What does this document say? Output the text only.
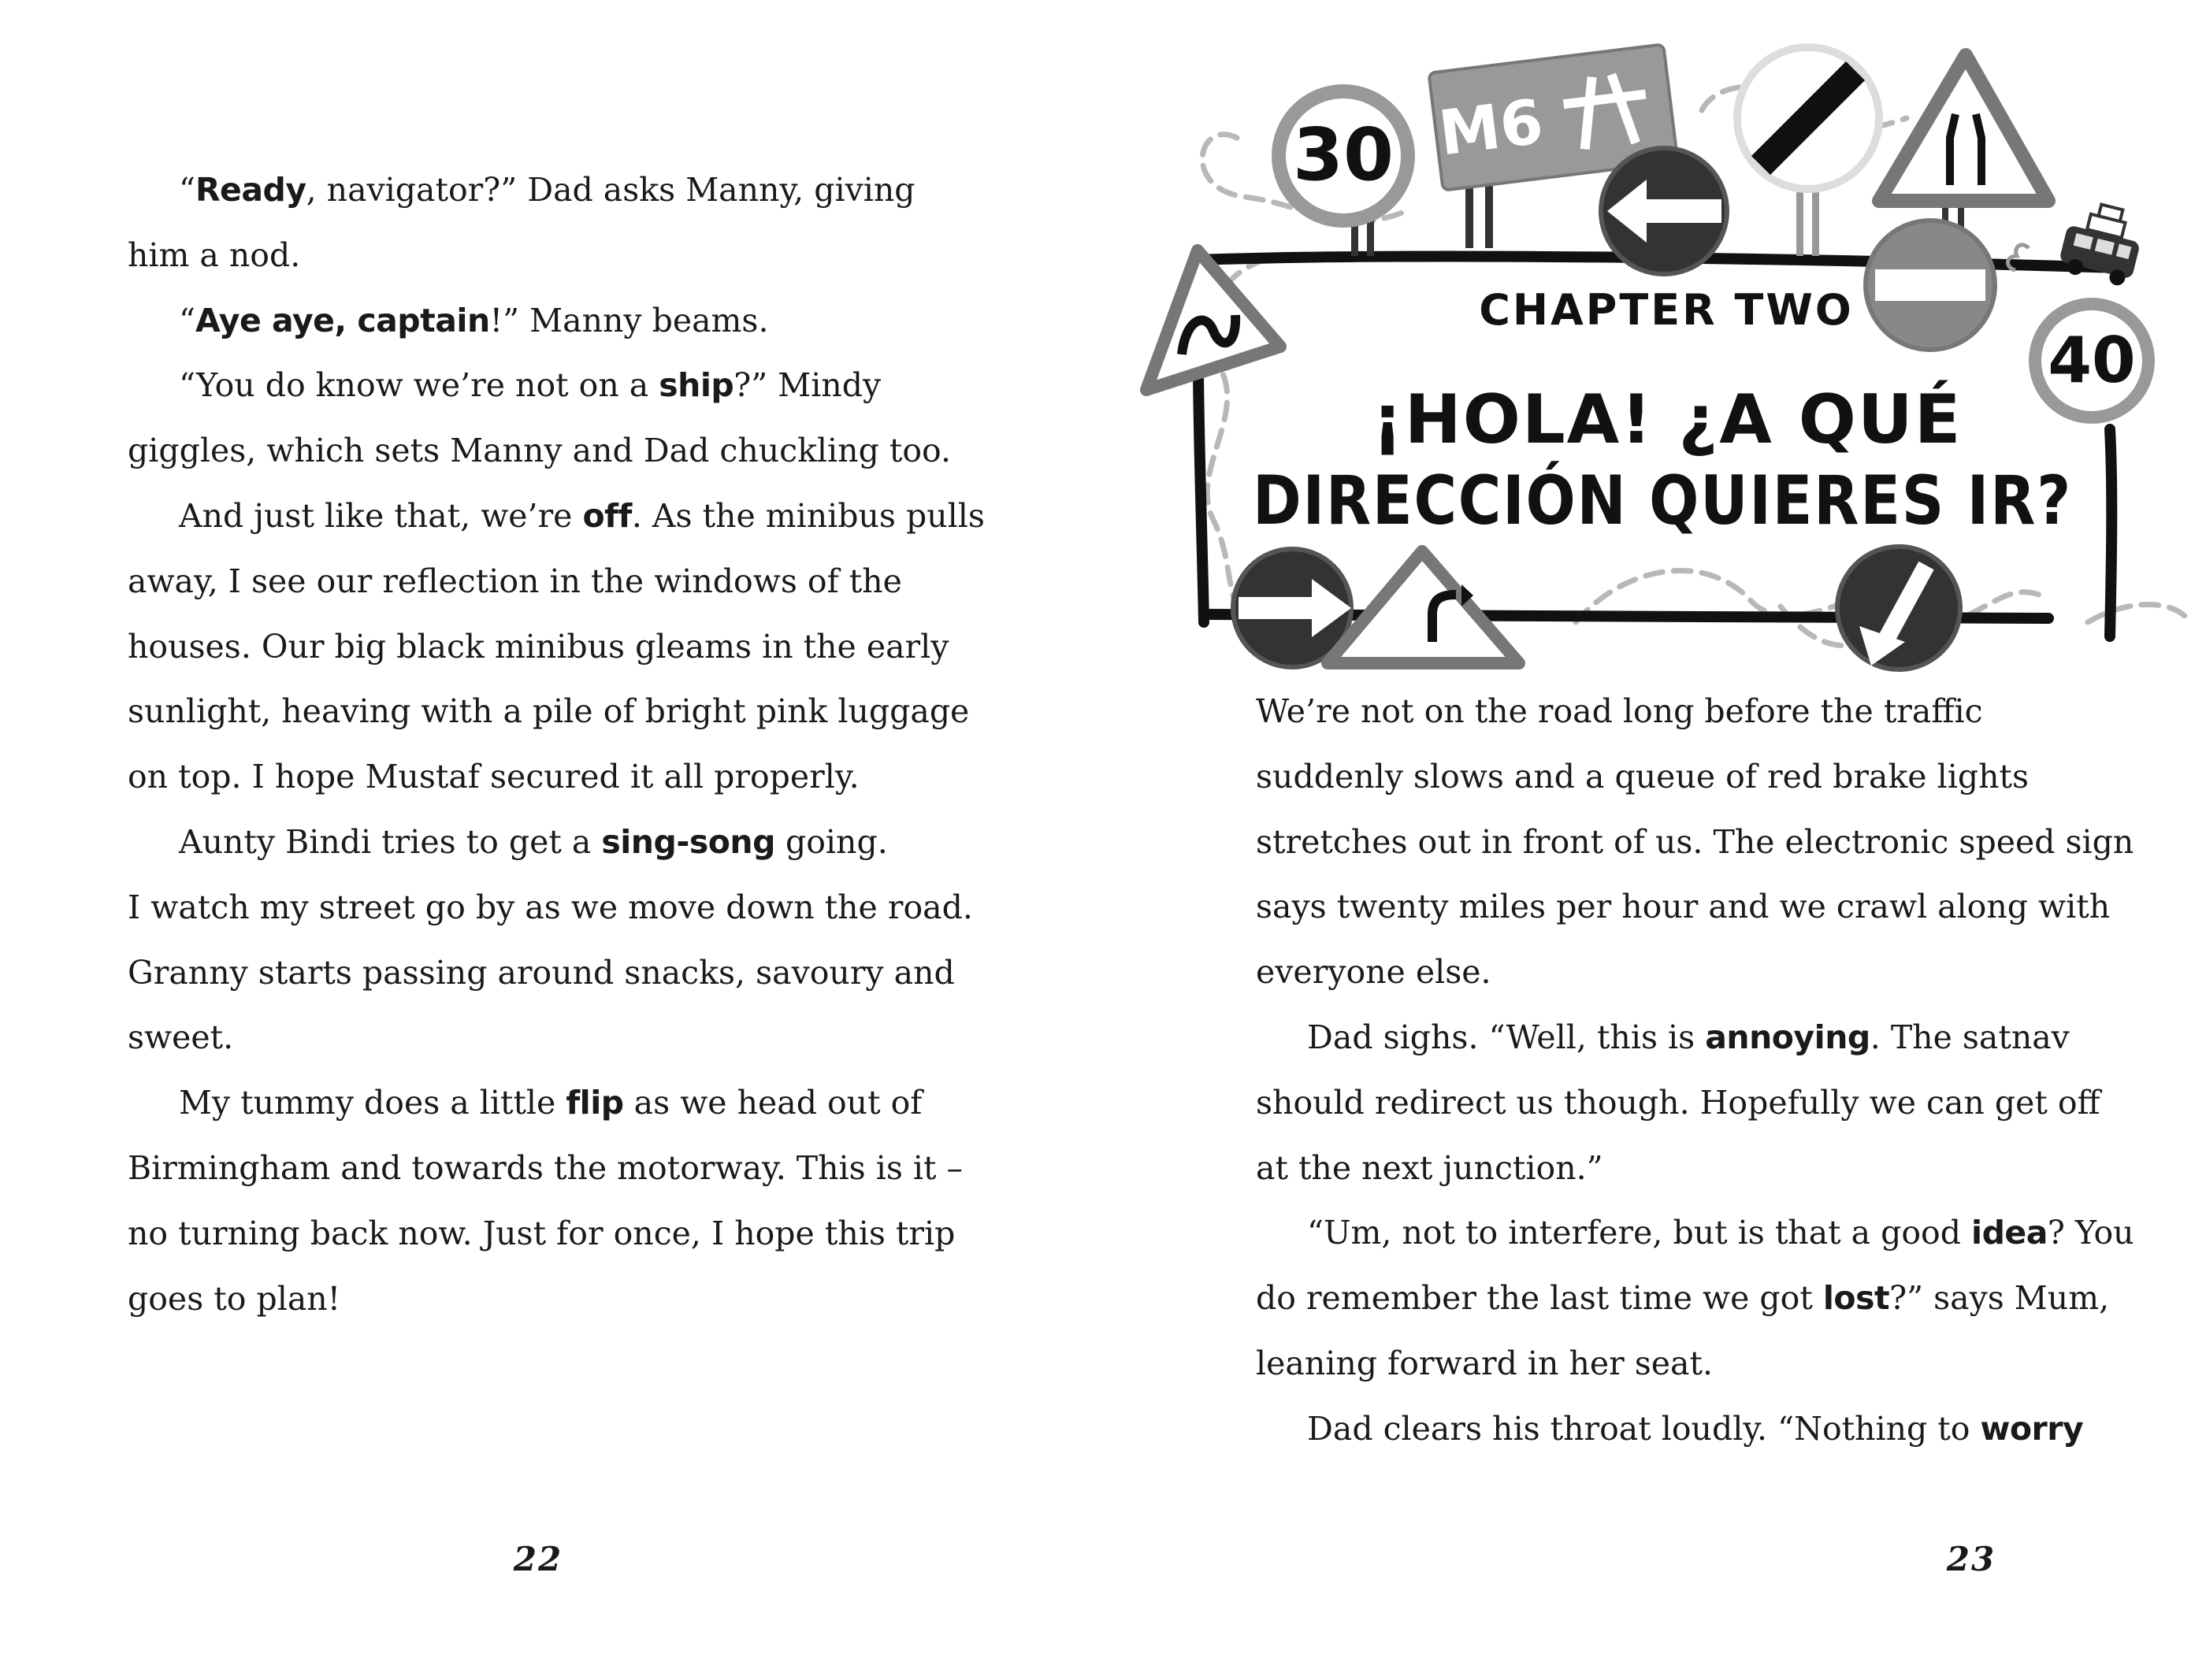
“Ready, navigator?” Dad asks Manny, giving him a nod.

“Aye aye, captain!” Manny beams.

“You do know we’re not on a ship?” Mindy giggles, which sets Manny and Dad chuckling too.

And just like that, we’re off. As the minibus pulls away, I see our reflection in the windows of the houses. Our big black minibus gleams in the early sunlight, heaving with a pile of bright pink luggage on top. I hope Mustaf secured it all properly.

Aunty Bindi tries to get a sing-song going.

I watch my street go by as we move down the road. Granny starts passing around snacks, savoury and sweet.

My tummy does a little flip as we head out of Birmingham and towards the motorway. This is it – no turning back now. Just for once, I hope this trip goes to plan!

22
30 M6
40
CHAPTER TWO
¡HOLA! ¿A QUÉ
DIRECCIÓN QUIERES IR?

We’re not on the road long before the traffic suddenly slows and a queue of red brake lights stretches out in front of us. The electronic speed sign says twenty miles per hour and we crawl along with everyone else.

Dad sighs. “Well, this is annoying. The satnav should redirect us though. Hopefully we can get off at the next junction.”

“Um, not to interfere, but is that a good idea? You do remember the last time we got lost?” says Mum, leaning forward in her seat.

Dad clears his throat loudly. “Nothing to worry

23
